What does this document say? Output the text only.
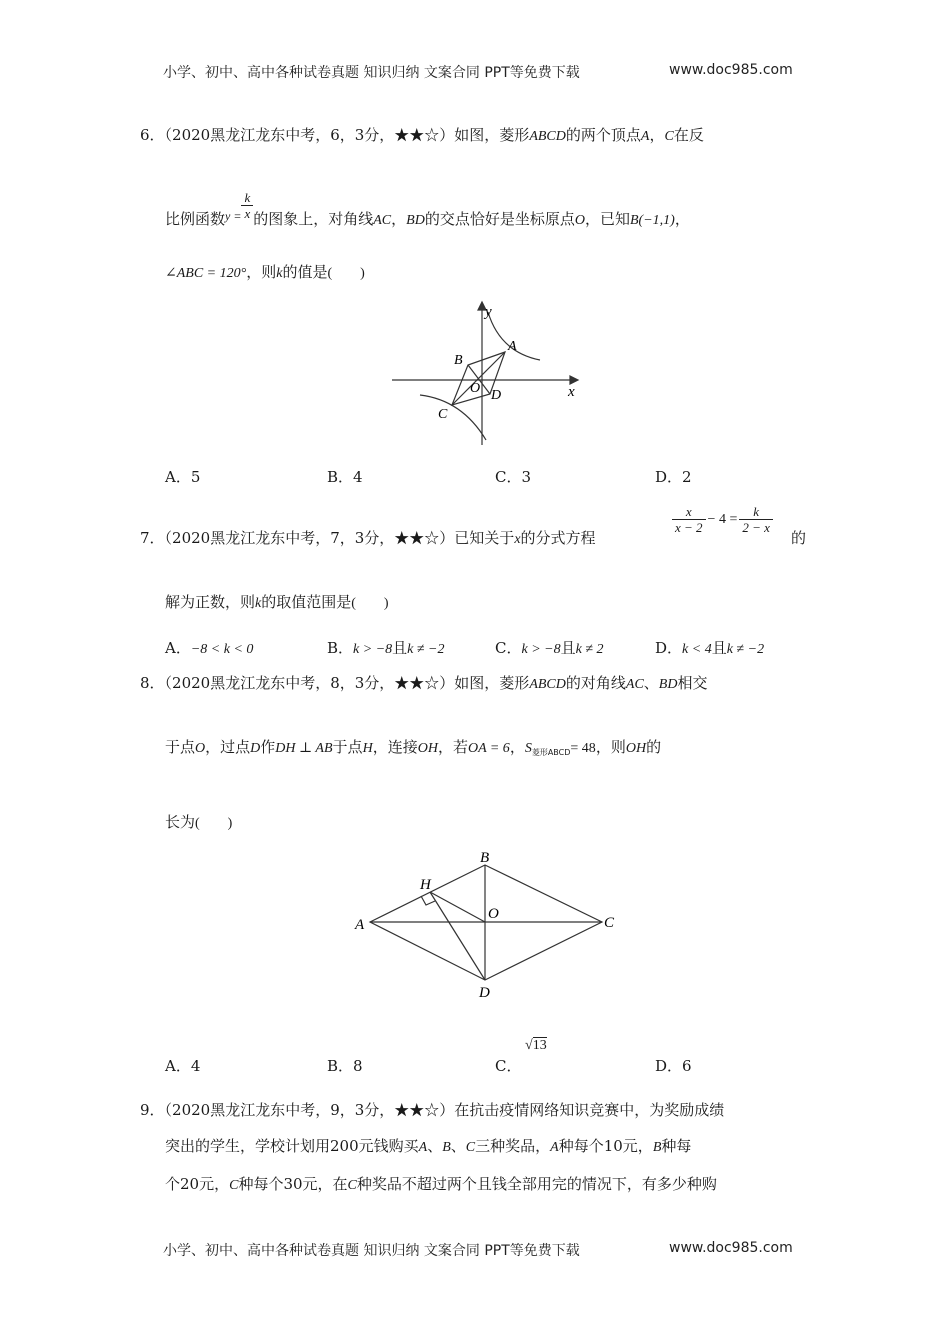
小学、初中、高中各种试卷真题 知识归纳 文案合同 PPT等免费下载	www.doc985.com
6．（2020黑龙江龙东中考，6，3分，★★☆）如图，菱形ABCD的两个顶点A，C在反
比例函数$^{y =} \frac{k}{x}$ 的图象上，对角线AC，BD的交点恰好是坐标原点O，已知B(−1,1)，
∠ABC = 120°，则k的值是(　　)
A
B
C
D
O	x
y
A．5	B．4	C．3	D．2
7．（2020黑龙江龙东中考，7，3分，★★☆）已知关于x的分式方程
$\frac{x}{x - 2} - 4 = \frac{k}{2 - x}$
的
解为正数，则k的取值范围是(　　)
A．−8 < k < 0	B．k > −8且k ≠ −2	C．k > −8且k ≠ 2	D．k < 4且k ≠ −2
8．（2020黑龙江龙东中考，8，3分，★★☆）如图，菱形ABCD的对角线AC、BD相交
于点O，过点D作DH ⊥ AB于点H，连接OH，若OA = 6，$S_{菱形ABCD}= 48$，则OH的
长为(　　)
A
B
C
D
H
O
A．4	B．8	C．
√13
D．6
9．（2020黑龙江龙东中考，9，3分，★★☆）在抗击疫情网络知识竞赛中，为奖励成绩
突出的学生，学校计划用200元钱购买A、B、C三种奖品，A种每个10元，B种每
个20元，C种每个30元，在C种奖品不超过两个且钱全部用完的情况下，有多少种购
小学、初中、高中各种试卷真题 知识归纳 文案合同 PPT等免费下载	www.doc985.com
